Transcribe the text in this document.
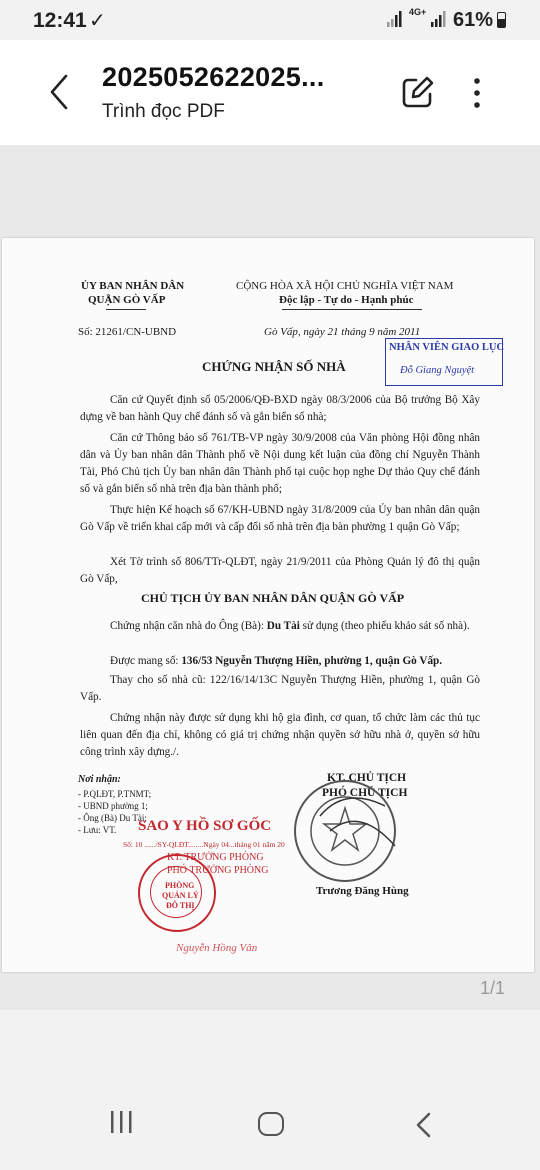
12:41 ✓	4G+ 61%
2025052622025...
Trình đọc PDF
ỦY BAN NHÂN DÂN
QUẬN GÒ VẤP
CỘNG HÒA XÃ HỘI CHỦ NGHĨA VIỆT NAM
Độc lập - Tự do - Hạnh phúc
Số: 21261/CN-UBND	Gò Vấp, ngày 21 tháng 9 năm 2011
CHỨNG NHẬN SỐ NHÀ
NHÂN VIÊN GIAO LỤC
Đỗ Giang Nguyệt
Căn cứ Quyết định số 05/2006/QĐ-BXD ngày 08/3/2006 của Bộ trưởng Bộ Xây dựng về ban hành Quy chế đánh số và gắn biển số nhà;
Căn cứ Thông báo số 761/TB-VP ngày 30/9/2008 của Văn phòng Hội đồng nhân dân và Ủy ban nhân dân Thành phố về Nội dung kết luận của đồng chí Nguyễn Thành Tài, Phó Chủ tịch Ủy ban nhân dân Thành phố tại cuộc họp nghe Dự thảo Quy chế đánh số và gắn biển số nhà trên địa bàn thành phố;
Thực hiện Kế hoạch số 67/KH-UBND ngày 31/8/2009 của Ủy ban nhân dân quận Gò Vấp về triển khai cấp mới và cấp đổi số nhà trên địa bàn phường 1 quận Gò Vấp;
Xét Tờ trình số 806/TTr-QLĐT, ngày 21/9/2011 của Phòng Quản lý đô thị quận Gò Vấp,
CHỦ TỊCH ỦY BAN NHÂN DÂN QUẬN GÒ VẤP
Chứng nhận căn nhà do Ông (Bà): Du Tài sử dụng (theo phiếu khảo sát số nhà).
Được mang số: 136/53 Nguyễn Thượng Hiền, phường 1, quận Gò Vấp.
Thay cho số nhà cũ: 122/16/14/13C Nguyễn Thượng Hiền, phường 1, quận Gò Vấp.
Chứng nhận này được sử dụng khi hộ gia đình, cơ quan, tổ chức làm các thủ tục liên quan đến địa chỉ, không có giá trị chứng nhận quyền sở hữu nhà ở, quyền sở hữu công trình xây dựng./.
Nơi nhận:
- P.QLĐT, P.TNMT;
- UBND phường 1;
- Ông (Bà) Du Tài;
- Lưu: VT.
KT. CHỦ TỊCH
PHÓ CHỦ TỊCH
Trương Đăng Hùng
SAO Y HỒ SƠ GỐC
Số: 10 ....../SY-QLĐT........Ngày 04...tháng 01 năm 20
KT. TRƯỞNG PHÒNG
PHÓ TRƯỞNG PHÒNG
PHÒNG
QUẢN LÝ
ĐÔ THỊ
Nguyễn Hồng Vân
1/1
